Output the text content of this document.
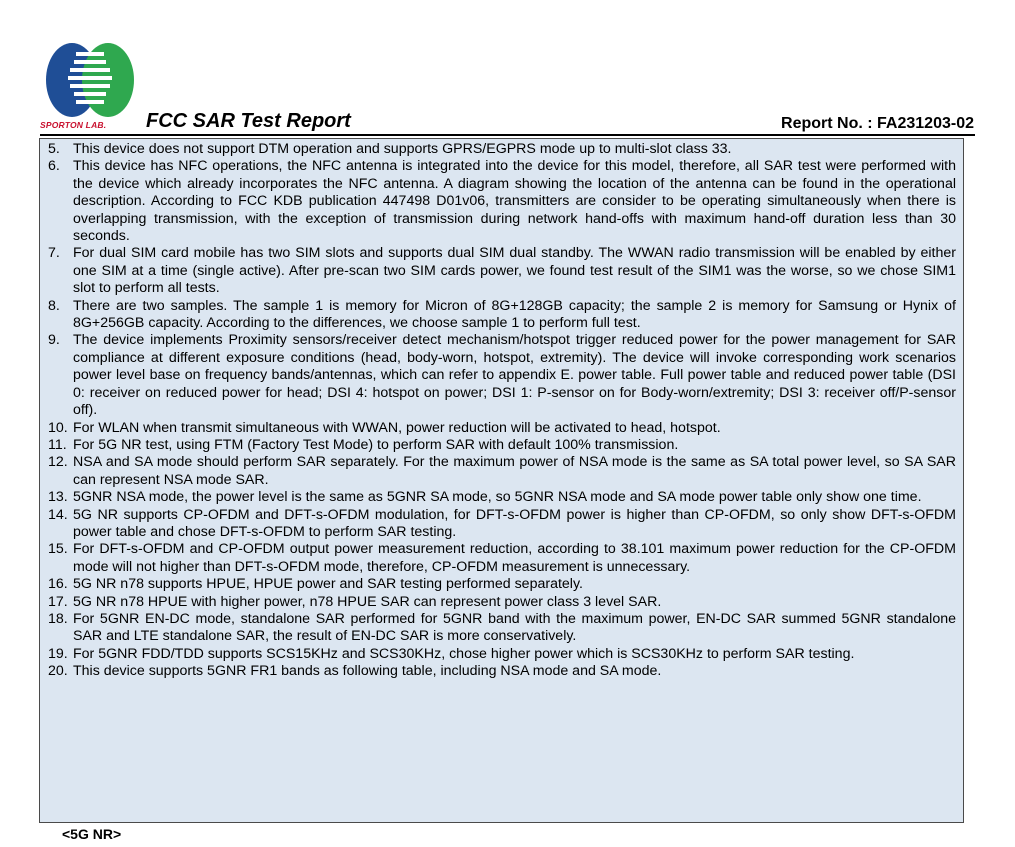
SPORTON LAB.	FCC SAR Test Report	Report No. : FA231203-02
5. This device does not support DTM operation and supports GPRS/EGPRS mode up to multi-slot class 33.
6. This device has NFC operations, the NFC antenna is integrated into the device for this model, therefore, all SAR test were performed with the device which already incorporates the NFC antenna. A diagram showing the location of the antenna can be found in the operational description. According to FCC KDB publication 447498 D01v06, transmitters are consider to be operating simultaneously when there is overlapping transmission, with the exception of transmission during network hand-offs with maximum hand-off duration less than 30 seconds.
7. For dual SIM card mobile has two SIM slots and supports dual SIM dual standby. The WWAN radio transmission will be enabled by either one SIM at a time (single active). After pre-scan two SIM cards power, we found test result of the SIM1 was the worse, so we chose SIM1 slot to perform all tests.
8. There are two samples. The sample 1 is memory for Micron of 8G+128GB capacity; the sample 2 is memory for Samsung or Hynix of 8G+256GB capacity. According to the differences, we choose sample 1 to perform full test.
9. The device implements Proximity sensors/receiver detect mechanism/hotspot trigger reduced power for the power management for SAR compliance at different exposure conditions (head, body-worn, hotspot, extremity). The device will invoke corresponding work scenarios power level base on frequency bands/antennas, which can refer to appendix E. power table. Full power table and reduced power table (DSI 0: receiver on reduced power for head; DSI 4: hotspot on power; DSI 1: P-sensor on for Body-worn/extremity; DSI 3: receiver off/P-sensor off).
10. For WLAN when transmit simultaneous with WWAN, power reduction will be activated to head, hotspot.
11. For 5G NR test, using FTM (Factory Test Mode) to perform SAR with default 100% transmission.
12. NSA and SA mode should perform SAR separately. For the maximum power of NSA mode is the same as SA total power level, so SA SAR can represent NSA mode SAR.
13. 5GNR NSA mode, the power level is the same as 5GNR SA mode, so 5GNR NSA mode and SA mode power table only show one time.
14. 5G NR supports CP-OFDM and DFT-s-OFDM modulation, for DFT-s-OFDM power is higher than CP-OFDM, so only show DFT-s-OFDM power table and chose DFT-s-OFDM to perform SAR testing.
15. For DFT-s-OFDM and CP-OFDM output power measurement reduction, according to 38.101 maximum power reduction for the CP-OFDM mode will not higher than DFT-s-OFDM mode, therefore, CP-OFDM measurement is unnecessary.
16. 5G NR n78 supports HPUE, HPUE power and SAR testing performed separately.
17. 5G NR n78 HPUE with higher power, n78 HPUE SAR can represent power class 3 level SAR.
18. For 5GNR EN-DC mode, standalone SAR performed for 5GNR band with the maximum power, EN-DC SAR summed 5GNR standalone SAR and LTE standalone SAR, the result of EN-DC SAR is more conservatively.
19. For 5GNR FDD/TDD supports SCS15KHz and SCS30KHz, chose higher power which is SCS30KHz to perform SAR testing.
20. This device supports 5GNR FR1 bands as following table, including NSA mode and SA mode.
<5G NR>
